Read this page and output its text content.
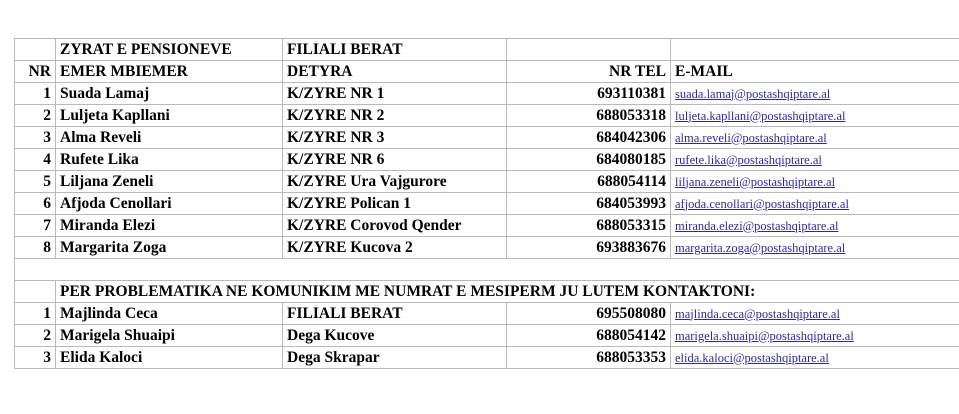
	ZYRAT E PENSIONEVE	FILIALI BERAT		
NR	EMER MBIEMER	DETYRA	NR TEL	E-MAIL
1	Suada Lamaj	K/ZYRE NR 1	693110381	suada.lamaj@postashqiptare.al
2	Luljeta Kapllani	K/ZYRE NR 2	688053318	luljeta.kapllani@postashqiptare.al
3	Alma Reveli	K/ZYRE NR 3	684042306	alma.reveli@postashqiptare.al
4	Rufete Lika	K/ZYRE NR 6	684080185	rufete.lika@postashqiptare.al
5	Liljana Zeneli	K/ZYRE Ura Vajgurore	688054114	liljana.zeneli@postashqiptare.al
6	Afjoda Cenollari	K/ZYRE Polican 1	684053993	afjoda.cenollari@postashqiptare.al
7	Miranda Elezi	K/ZYRE Corovod Qender	688053315	miranda.elezi@postashqiptare.al
8	Margarita Zoga	K/ZYRE Kucova 2	693883676	margarita.zoga@postashqiptare.al

	PER PROBLEMATIKA NE KOMUNIKIM ME NUMRAT E MESIPERM JU LUTEM KONTAKTONI:			
1	Majlinda Ceca	FILIALI BERAT	695508080	majlinda.ceca@postashqiptare.al
2	Marigela Shuaipi	Dega Kucove	688054142	marigela.shuaipi@postashqiptare.al
3	Elida Kaloci	Dega Skrapar	688053353	elida.kaloci@postashqiptare.al
